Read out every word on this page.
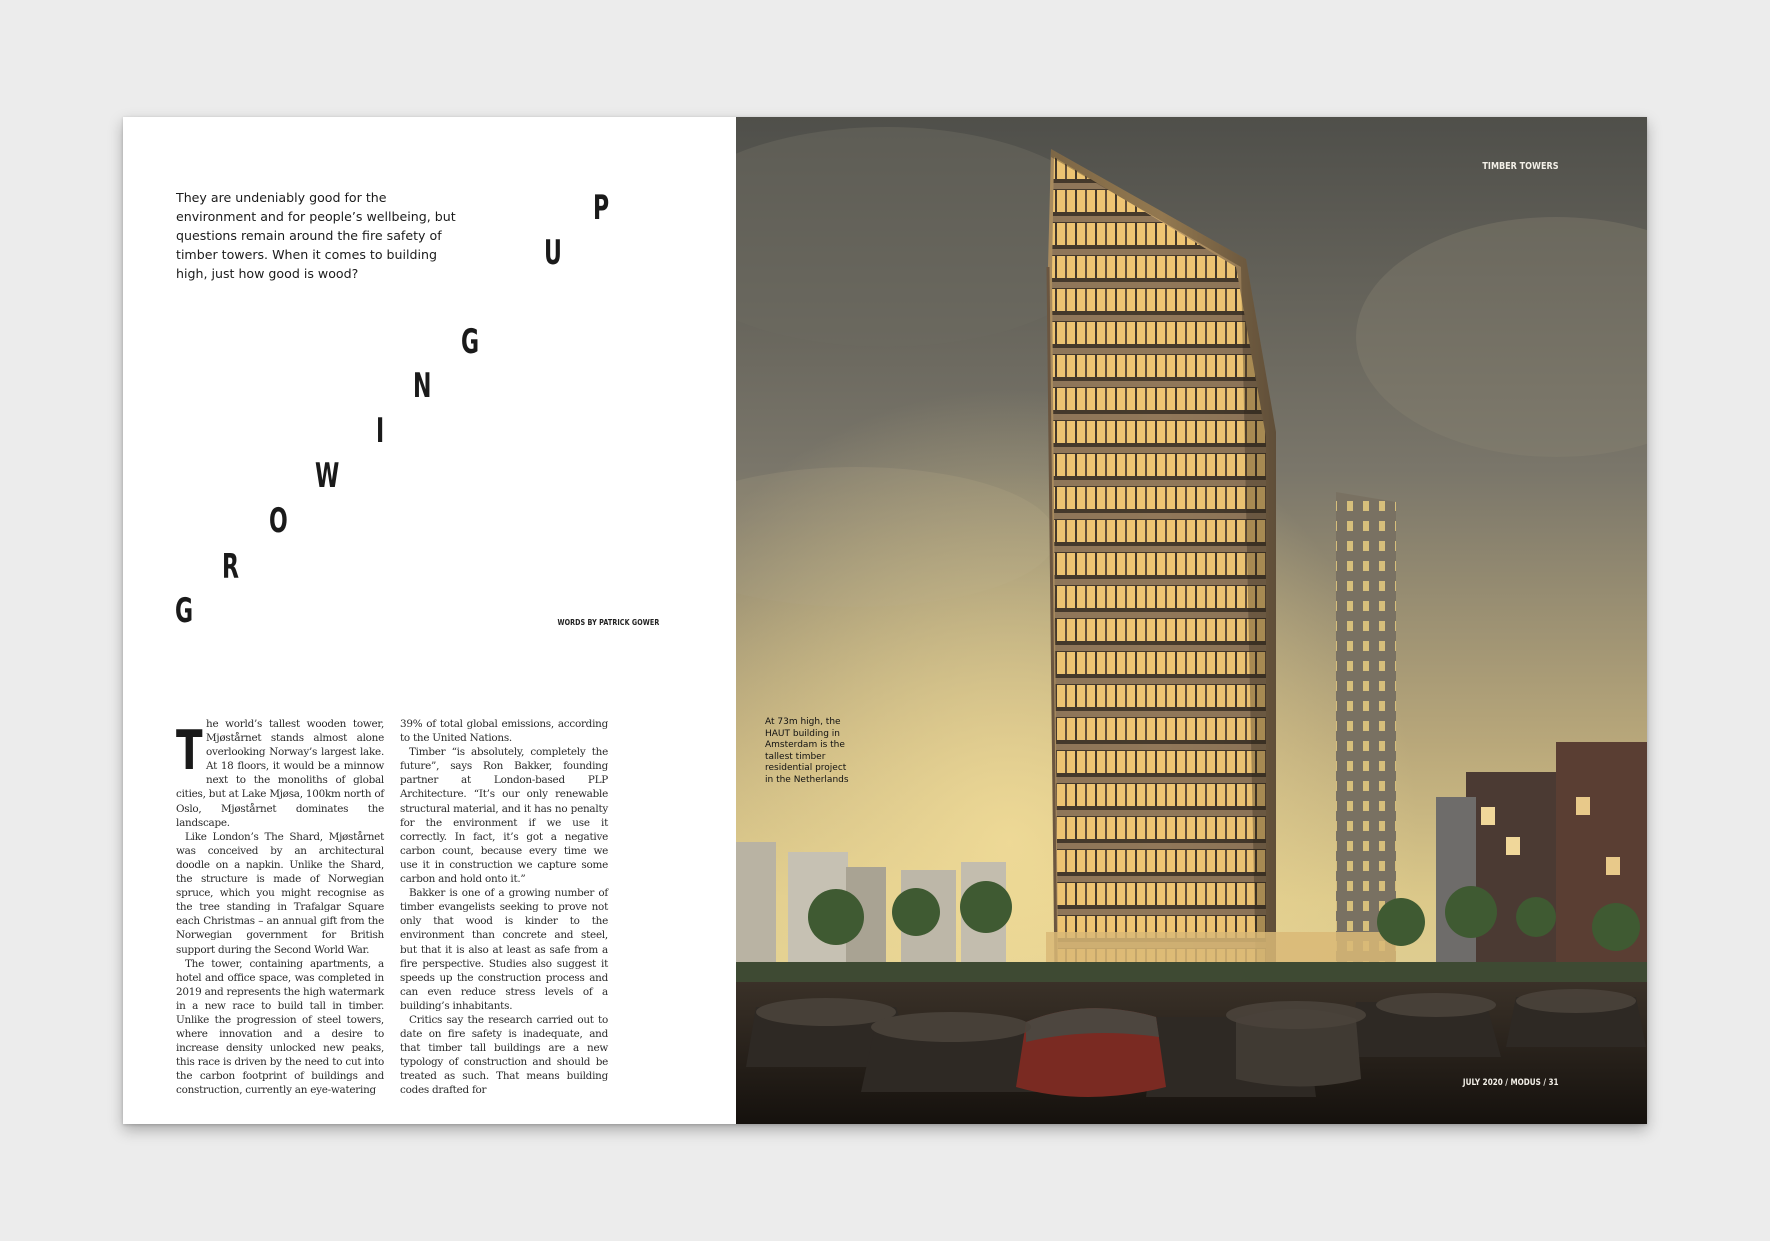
They are undeniably good for the environment and for people’s wellbeing, but questions remain around the fire safety of timber towers. When it comes to building high, just how good is wood?
G
R
O
W
I
N
G
U
P
WORDS BY PATRICK GOWER

The world’s tallest wooden tower, Mjøstårnet stands almost alone overlooking Norway’s largest lake. At 18 floors, it would be a minnow next to the monoliths of global cities, but at Lake Mjøsa, 100km north of Oslo, Mjøstårnet dominates the landscape.

Like London’s The Shard, Mjøstårnet was conceived by an architectural doodle on a napkin. Unlike the Shard, the structure is made of Norwegian spruce, which you might recognise as the tree standing in Trafalgar Square each Christmas – an annual gift from the Norwegian government for British support during the Second World War.

The tower, containing apartments, a hotel and office space, was completed in 2019 and represents the high watermark in a new race to build tall in timber. Unlike the progression of steel towers, where innovation and a desire to increase density unlocked new peaks, this race is driven by the need to cut into the carbon footprint of buildings and construction, currently an eye-watering

39% of total global emissions, according to the United Nations.

Timber “is absolutely, completely the future”, says Ron Bakker, founding partner at London-based PLP Architecture. “It’s our only renewable structural material, and it has no penalty for the environment if we use it correctly. In fact, it’s got a negative carbon count, because every time we use it in construction we capture some carbon and hold onto it.”

Bakker is one of a growing number of timber evangelists seeking to prove not only that wood is kinder to the environment than concrete and steel, but that it is also at least as safe from a fire perspective. Studies also suggest it speeds up the construction process and can even reduce stress levels of a building’s inhabitants.

Critics say the research carried out to date on fire safety is inadequate, and that timber tall buildings are a new typology of construction and should be treated as such. That means building codes drafted for

TIMBER TOWERS
At 73m high, the HAUT building in Amsterdam is the tallest timber residential project in the Netherlands
JULY 2020 / MODUS / 31
